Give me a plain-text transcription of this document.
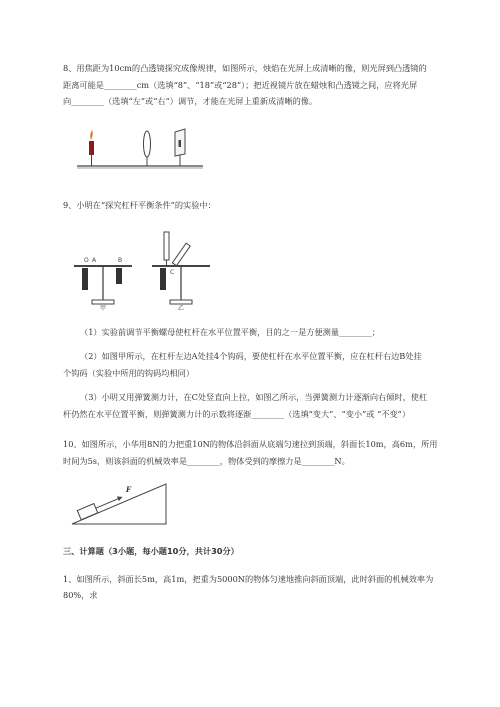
8、用焦距为10cm的凸透镜探究成像规律，如图所示，烛焰在光屏上成清晰的像，则光屏到凸透镜的
距离可能是________cm（选填“8”、“18”或“28”）；把近视镜片放在蜡烛和凸透镜之间，应将光屏
向________（选填“左”或“右”）调节，才能在光屏上重新成清晰的像。
9、小明在“探究杠杆平衡条件”的实验中：
O A	B
甲
C
乙
（1）实验前调节平衡螺母使杠杆在水平位置平衡，目的之一是方便测量________；
（2）如图甲所示，在杠杆左边A处挂4个钩码，要使杠杆在水平位置平衡，应在杠杆右边B处挂
个钩码（实验中所用的钩码均相同）
（3）小明又用弹簧测力计，在C处竖直向上拉，如图乙所示，当弹簧测力计逐渐向右倾时，使杠
杆仍然在水平位置平衡，则弹簧测力计的示数将逐渐________（选填“变大”、“变小”或 “不变”）
10、如图所示，小华用8N的力把重10N的物体沿斜面从底端匀速拉到顶端，斜面长10m，高6m，所用
时间为5s，则该斜面的机械效率是________，物体受到的摩擦力是________N。
F
三、计算题（3小题，每小题10分，共计30分）
1、如图所示，斜面长5m，高1m，把重为5000N的物体匀速地推向斜面顶端，此时斜面的机械效率为
80%，求
